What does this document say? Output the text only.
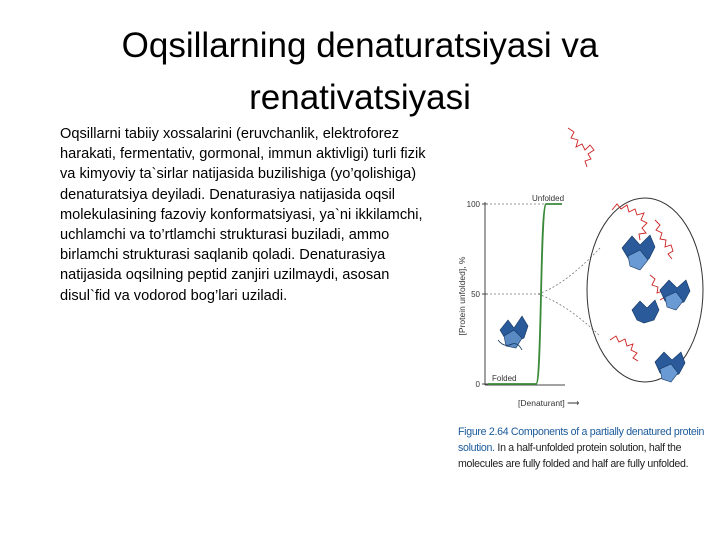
Oqsillarning denaturatsiyasi va renativatsiyasi
Oqsillarni tabiiy xossalarini (eruvchanlik, elektroforez harakati, fermentativ, gormonal, immun aktivligi) turli fizik va kimyoviy ta`sirlar natijasida buzilishiga (yo’qolishiga) denaturatsiya deyiladi. Denaturasiya natijasida oqsil molekulasining fazoviy konformatsiyasi, ya`ni ikkilamchi, uchlamchi va to’rtlamchi strukturasi buziladi, ammo birlamchi strukturasi saqlanib qoladi. Denaturasiya natijasida oqsilning peptid zanjiri uzilmaydi, asosan disul`fid va vodorod bog’lari uziladi.
100
50
0
[Protein unfolded], %
[Denaturant] ⟶
Unfolded
Folded
Figure 2.64 Components of a partially denatured protein solution. In a half-unfolded protein solution, half the molecules are fully folded and half are fully unfolded.
